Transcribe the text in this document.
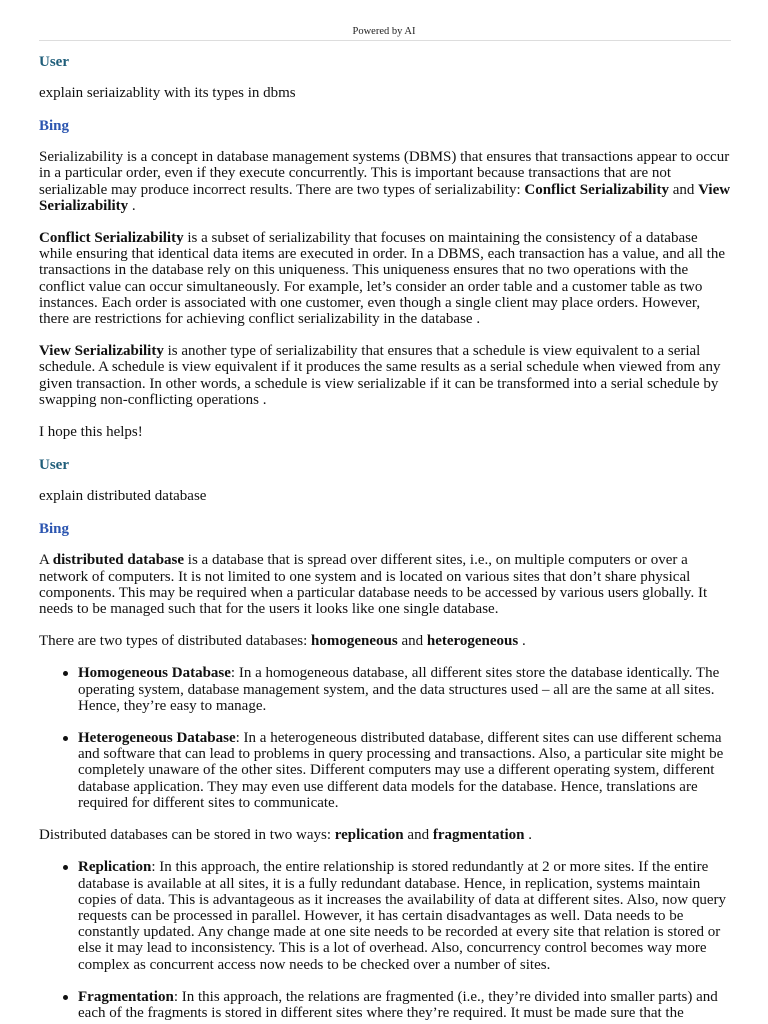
Powered by AI
User

explain seriaizablity with its types in dbms

Bing

Serializability is a concept in database management systems (DBMS) that ensures that transactions appear to occur in a particular order, even if they execute concurrently. This is important because transactions that are not serializable may produce incorrect results. There are two types of serializability: Conflict Serializability and View Serializability .

Conflict Serializability is a subset of serializability that focuses on maintaining the consistency of a database while ensuring that identical data items are executed in order. In a DBMS, each transaction has a value, and all the transactions in the database rely on this uniqueness. This uniqueness ensures that no two operations with the conflict value can occur simultaneously. For example, let’s consider an order table and a customer table as two instances. Each order is associated with one customer, even though a single client may place orders. However, there are restrictions for achieving conflict serializability in the database .

View Serializability is another type of serializability that ensures that a schedule is view equivalent to a serial schedule. A schedule is view equivalent if it produces the same results as a serial schedule when viewed from any given transaction. In other words, a schedule is view serializable if it can be transformed into a serial schedule by swapping non-conflicting operations .

I hope this helps!

User

explain distributed database

Bing

A distributed database is a database that is spread over different sites, i.e., on multiple computers or over a network of computers. It is not limited to one system and is located on various sites that don’t share physical components. This may be required when a particular database needs to be accessed by various users globally. It needs to be managed such that for the users it looks like one single database.

There are two types of distributed databases: homogeneous and heterogeneous .

Homogeneous Database: In a homogeneous database, all different sites store the database identically. The operating system, database management system, and the data structures used – all are the same at all sites. Hence, they’re easy to manage.
Heterogeneous Database: In a heterogeneous distributed database, different sites can use different schema and software that can lead to problems in query processing and transactions. Also, a particular site might be completely unaware of the other sites. Different computers may use a different operating system, different database application. They may even use different data models for the database. Hence, translations are required for different sites to communicate.

Distributed databases can be stored in two ways: replication and fragmentation .

Replication: In this approach, the entire relationship is stored redundantly at 2 or more sites. If the entire database is available at all sites, it is a fully redundant database. Hence, in replication, systems maintain copies of data. This is advantageous as it increases the availability of data at different sites. Also, now query requests can be processed in parallel. However, it has certain disadvantages as well. Data needs to be constantly updated. Any change made at one site needs to be recorded at every site that relation is stored or else it may lead to inconsistency. This is a lot of overhead. Also, concurrency control becomes way more complex as concurrent access now needs to be checked over a number of sites.
Fragmentation: In this approach, the relations are fragmented (i.e., they’re divided into smaller parts) and each of the fragments is stored in different sites where they’re required. It must be made sure that the
